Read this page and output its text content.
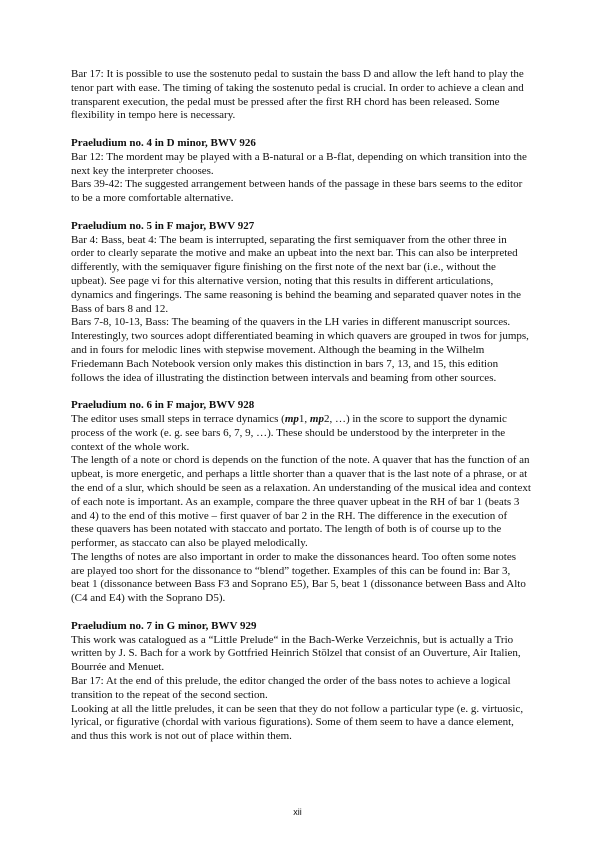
Bar 17: It is possible to use the sostenuto pedal to sustain the bass D and allow the left hand to play the tenor part with ease. The timing of taking the sostenuto pedal is crucial. In order to achieve a clean and transparent execution, the pedal must be pressed after the first RH chord has been released. Some flexibility in tempo here is necessary.

Praeludium no. 4 in D minor, BWV 926

Bar 12: The mordent may be played with a B-natural or a B-flat, depending on which transition into the next key the interpreter chooses.

Bars 39-42: The suggested arrangement between hands of the passage in these bars seems to the editor to be a more comfortable alternative.

Praeludium no. 5 in F major, BWV 927

Bar 4: Bass, beat 4: The beam is interrupted, separating the first semiquaver from the other three in order to clearly separate the motive and make an upbeat into the next bar. This can also be interpreted differently, with the semiquaver figure finishing on the first note of the next bar (i.e., without the upbeat). See page vi for this alternative version, noting that this results in different articulations, dynamics and fingerings. The same reasoning is behind the beaming and separated quaver notes in the Bass of bars 8 and 12.

Bars 7-8, 10-13, Bass: The beaming of the quavers in the LH varies in different manuscript sources. Interestingly, two sources adopt differentiated beaming in which quavers are grouped in twos for jumps, and in fours for melodic lines with stepwise movement. Although the beaming in the Wilhelm Friedemann Bach Notebook version only makes this distinction in bars 7, 13, and 15, this edition follows the idea of illustrating the distinction between intervals and beaming from other sources.

Praeludium no. 6 in F major, BWV 928

The editor uses small steps in terrace dynamics (mp1, mp2, …) in the score to support the dynamic process of the work (e. g. see bars 6, 7, 9, …). These should be understood by the interpreter in the context of the whole work.

The length of a note or chord is depends on the function of the note. A quaver that has the function of an upbeat, is more energetic, and perhaps a little shorter than a quaver that is the last note of a phrase, or at the end of a slur, which should be seen as a relaxation. An understanding of the musical idea and context of each note is important. As an example, compare the three quaver upbeat in the RH of bar 1 (beats 3 and 4) to the end of this motive – first quaver of bar 2 in the RH. The difference in the execution of these quavers has been notated with staccato and portato. The length of both is of course up to the performer, as staccato can also be played melodically.

The lengths of notes are also important in order to make the dissonances heard. Too often some notes are played too short for the dissonance to “blend” together. Examples of this can be found in: Bar 3, beat 1 (dissonance between Bass F3 and Soprano E5), Bar 5, beat 1 (dissonance between Bass and Alto (C4 and E4) with the Soprano D5).

Praeludium no. 7 in G minor, BWV 929

This work was catalogued as a “Little Prelude“ in the Bach-Werke Verzeichnis, but is actually a Trio written by J. S. Bach for a work by Gottfried Heinrich Stölzel that consist of an Ouverture, Air Italien, Bourrée and Menuet.

Bar 17: At the end of this prelude, the editor changed the order of the bass notes to achieve a logical transition to the repeat of the second section.

Looking at all the little preludes, it can be seen that they do not follow a particular type (e. g. virtuosic, lyrical, or figurative (chordal with various figurations). Some of them seem to have a dance element, and thus this work is not out of place within them.

xii
